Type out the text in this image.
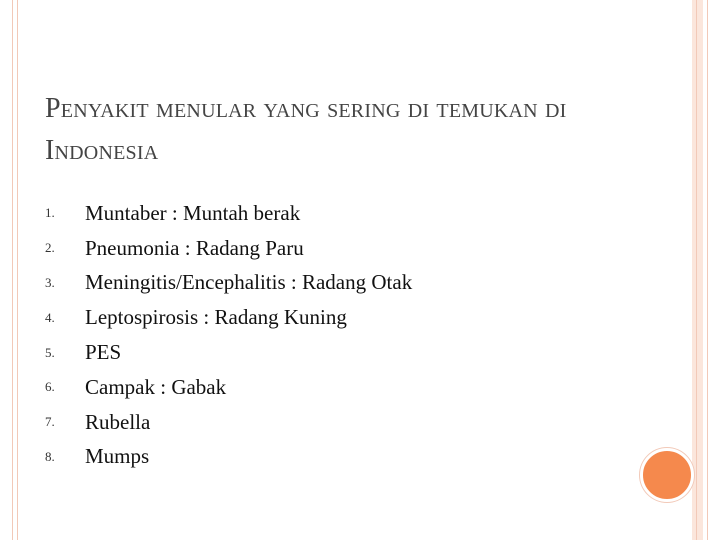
Penyakit menular yang sering di temukan di
Indonesia
1.	Muntaber : Muntah berak
2.	Pneumonia : Radang Paru
3.	Meningitis/Encephalitis : Radang Otak
4.	Leptospirosis : Radang Kuning
5.	PES
6.	Campak : Gabak
7.	Rubella
8.	Mumps
